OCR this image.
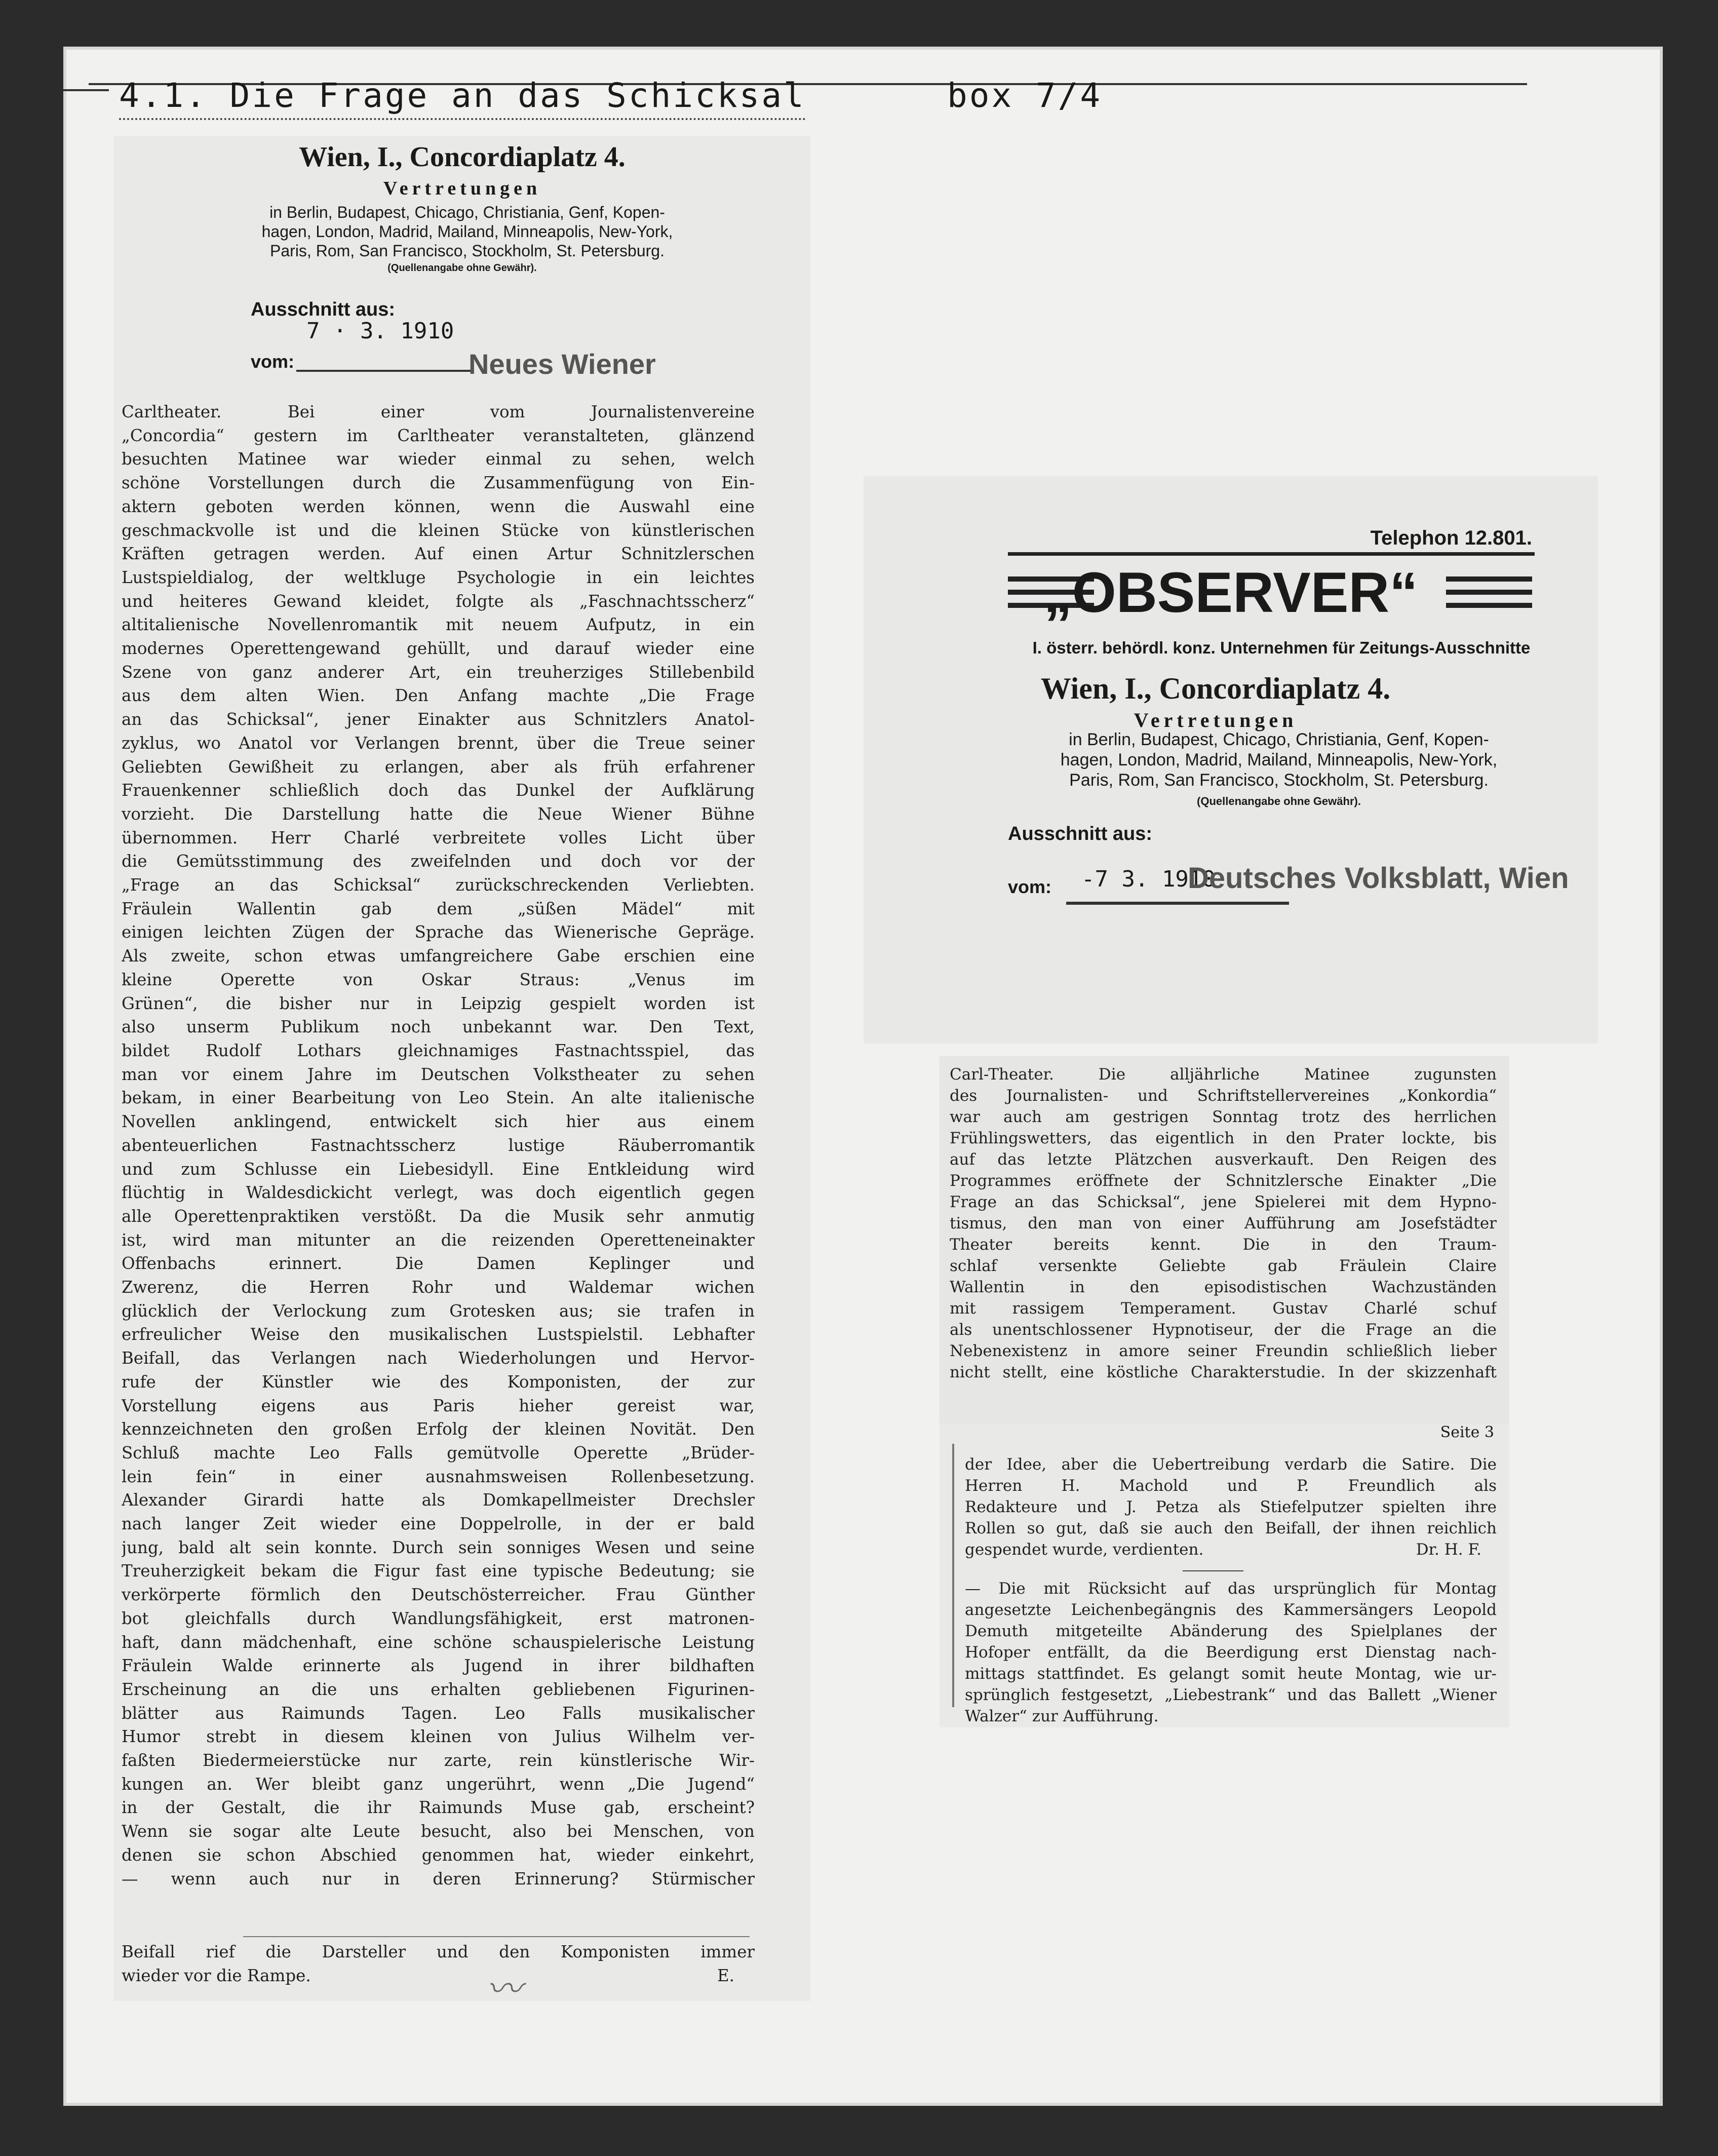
4.1. Die Frage an das Schicksal	box 7/4
Wien, I., Concordiaplatz 4.
Vertretungen
in Berlin, Budapest, Chicago, Christiania, Genf, Kopen-
hagen, London, Madrid, Mailand, Minneapolis, New-York,
Paris, Rom, San Francisco, Stockholm, St. Petersburg.
(Quellenangabe ohne Gewähr).
Ausschnitt aus:
7 · 3. 1910
vom:	Neues Wiener
Carltheater. Bei einer vom Journalistenvereine
„Concordia“ gestern im Carltheater veranstalteten, glänzend
besuchten Matinee war wieder einmal zu sehen, welch
schöne Vorstellungen durch die Zusammenfügung von Ein-
aktern geboten werden können, wenn die Auswahl eine
geschmackvolle ist und die kleinen Stücke von künstlerischen
Kräften getragen werden. Auf einen Artur Schnitzlerschen
Lustspieldialog, der weltkluge Psychologie in ein leichtes
und heiteres Gewand kleidet, folgte als „Faschnachtsscherz“
altitalienische Novellenromantik mit neuem Aufputz, in ein
modernes Operettengewand gehüllt, und darauf wieder eine
Szene von ganz anderer Art, ein treuherziges Stillebenbild
aus dem alten Wien. Den Anfang machte „Die Frage
an das Schicksal“, jener Einakter aus Schnitzlers Anatol-
zyklus, wo Anatol vor Verlangen brennt, über die Treue seiner
Geliebten Gewißheit zu erlangen, aber als früh erfahrener
Frauenkenner schließlich doch das Dunkel der Aufklärung
vorzieht. Die Darstellung hatte die Neue Wiener Bühne
übernommen. Herr Charlé verbreitete volles Licht über
die Gemütsstimmung des zweifelnden und doch vor der
„Frage an das Schicksal“ zurückschreckenden Verliebten.
Fräulein Wallentin gab dem „süßen Mädel“ mit
einigen leichten Zügen der Sprache das Wienerische Gepräge.
Als zweite, schon etwas umfangreichere Gabe erschien eine
kleine Operette von Oskar Straus: „Venus im
Grünen“, die bisher nur in Leipzig gespielt worden ist
also unserm Publikum noch unbekannt war. Den Text,
bildet Rudolf Lothars gleichnamiges Fastnachtsspiel, das
man vor einem Jahre im Deutschen Volkstheater zu sehen
bekam, in einer Bearbeitung von Leo Stein. An alte italienische
Novellen anklingend, entwickelt sich hier aus einem
abenteuerlichen Fastnachtsscherz lustige Räuberromantik
und zum Schlusse ein Liebesidyll. Eine Entkleidung wird
flüchtig in Waldesdickicht verlegt, was doch eigentlich gegen
alle Operettenpraktiken verstößt. Da die Musik sehr anmutig
ist, wird man mitunter an die reizenden Operetteneinakter
Offenbachs erinnert. Die Damen Keplinger und
Zwerenz, die Herren Rohr und Waldemar wichen
glücklich der Verlockung zum Grotesken aus; sie trafen in
erfreulicher Weise den musikalischen Lustspielstil. Lebhafter
Beifall, das Verlangen nach Wiederholungen und Hervor-
rufe der Künstler wie des Komponisten, der zur
Vorstellung eigens aus Paris hieher gereist war,
kennzeichneten den großen Erfolg der kleinen Novität. Den
Schluß machte Leo Falls gemütvolle Operette „Brüder-
lein fein“ in einer ausnahmsweisen Rollenbesetzung.
Alexander Girardi hatte als Domkapellmeister Drechsler
nach langer Zeit wieder eine Doppelrolle, in der er bald
jung, bald alt sein konnte. Durch sein sonniges Wesen und seine
Treuherzigkeit bekam die Figur fast eine typische Bedeutung; sie
verkörperte förmlich den Deutschösterreicher. Frau Günther
bot gleichfalls durch Wandlungsfähigkeit, erst matronen-
haft, dann mädchenhaft, eine schöne schauspielerische Leistung
Fräulein Walde erinnerte als Jugend in ihrer bildhaften
Erscheinung an die uns erhalten gebliebenen Figurinen-
blätter aus Raimunds Tagen. Leo Falls musikalischer
Humor strebt in diesem kleinen von Julius Wilhelm ver-
faßten Biedermeierstücke nur zarte, rein künstlerische Wir-
kungen an. Wer bleibt ganz ungerührt, wenn „Die Jugend“
in der Gestalt, die ihr Raimunds Muse gab, erscheint?
Wenn sie sogar alte Leute besucht, also bei Menschen, von
denen sie schon Abschied genommen hat, wieder einkehrt,
— wenn auch nur in deren Erinnerung? Stürmischer
Beifall rief die Darsteller und den Komponisten immer
wieder vor die Rampe.	E.
〰
Telephon 12.801.
„OBSERVER“
I. österr. behördl. konz. Unternehmen für Zeitungs-Ausschnitte
Wien, I., Concordiaplatz 4.
Vertretungen
in Berlin, Budapest, Chicago, Christiania, Genf, Kopen-
hagen, London, Madrid, Mailand, Minneapolis, New-York,
Paris, Rom, San Francisco, Stockholm, St. Petersburg.
(Quellenangabe ohne Gewähr).
Ausschnitt aus:
vom: -7 3. 1910
Deutsches Volksblatt, Wien
Carl-Theater. Die alljährliche Matinee zugunsten
des Journalisten- und Schriftstellervereines „Konkordia“
war auch am gestrigen Sonntag trotz des herrlichen
Frühlingswetters, das eigentlich in den Prater lockte, bis
auf das letzte Plätzchen ausverkauft. Den Reigen des
Programmes eröffnete der Schnitzlersche Einakter „Die
Frage an das Schicksal“, jene Spielerei mit dem Hypno-
tismus, den man von einer Aufführung am Josefstädter
Theater bereits kennt. Die in den Traum-
schlaf versenkte Geliebte gab Fräulein Claire
Wallentin in den episodistischen Wachzuständen
mit rassigem Temperament. Gustav Charlé schuf
als unentschlossener Hypnotiseur, der die Frage an die
Nebenexistenz in amore seiner Freundin schließlich lieber
nicht stellt, eine köstliche Charakterstudie. In der skizzenhaft
Seite 3
der Idee, aber die Uebertreibung verdarb die Satire. Die
Herren H. Machold und P. Freundlich als
Redakteure und J. Petza als Stiefelputzer spielten ihre
Rollen so gut, daß sie auch den Beifall, der ihnen reichlich
gespendet wurde, verdienten.	Dr. H. F.
— Die mit Rücksicht auf das ursprünglich für Montag
angesetzte Leichenbegängnis des Kammersängers Leopold
Demuth mitgeteilte Abänderung des Spielplanes der
Hofoper entfällt, da die Beerdigung erst Dienstag nach-
mittags stattfindet. Es gelangt somit heute Montag, wie ur-
sprünglich festgesetzt, „Liebestrank“ und das Ballett „Wiener
Walzer“ zur Aufführung.
